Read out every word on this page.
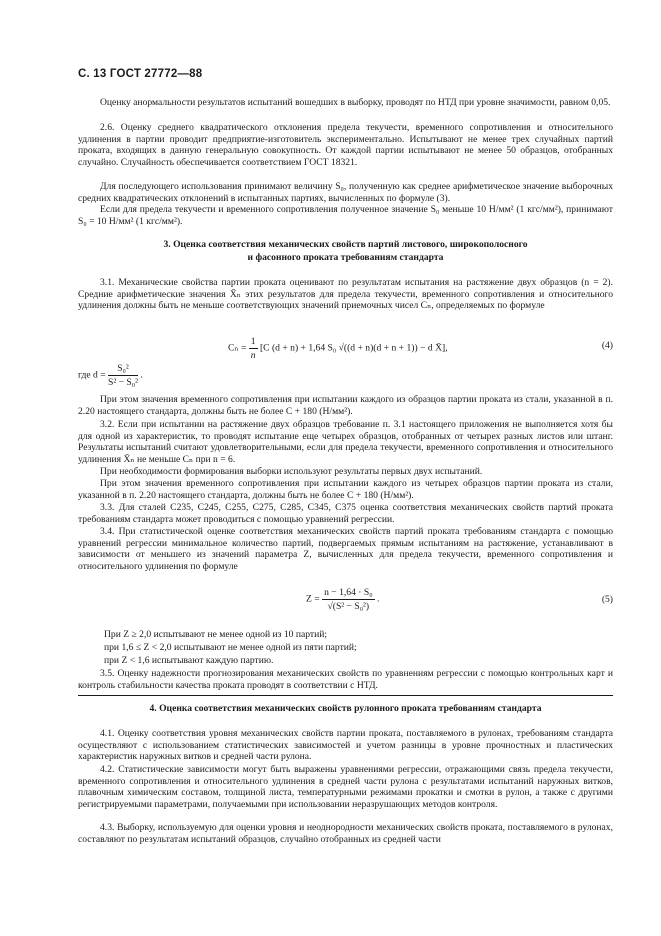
С. 13 ГОСТ 27772—88
Оценку анормальности результатов испытаний вошедших в выборку, проводят по НТД при уровне значимости, равном 0,05.
2.6. Оценку среднего квадратического отклонения предела текучести, временного сопротивления и относительного удлинения в партии проводит предприятие-изготовитель экспериментально. Испытывают не менее трех случайных партий проката, входящих в данную генеральную совокупность. От каждой партии испытывают не менее 50 образцов, отобранных случайно. Случайность обеспечивается соответствием ГОСТ 18321.
Для последующего использования принимают величину S₀, полученную как среднее арифметическое значение выборочных средних квадратических отклонений в испытанных партиях, вычисленных по формуле (3).
Если для предела текучести и временного сопротивления полученное значение S₀ меньше 10 Н/мм² (1 кгс/мм²), принимают S₀ = 10 Н/мм² (1 кгс/мм²).
3. Оценка соответствия механических свойств партий листового, широкополосного
и фасонного проката требованиям стандарта
3.1. Механические свойства партии проката оценивают по результатам испытания на растяжение двух образцов (n = 2). Средние арифметические значения X̄ₙ этих результатов для предела текучести, временного сопротивления и относительного удлинения должны быть не меньше соответствующих значений приемочных чисел Cₙ, определяемых по формуле
$C_n = \frac{1}{n} [C$ (d + n) + 1,64 S₀ √((d + n)(d + n + 1)) − d X̄],	(4)
где $d = \frac{\text{S₀²}}{\text{S² − S₀²}}$ .
При этом значения временного сопротивления при испытании каждого из образцов партии проката из стали, указанной в п. 2.20 настоящего стандарта, должны быть не более C + 180 (Н/мм²).
3.2. Если при испытании на растяжение двух образцов требование п. 3.1 настоящего приложения не выполняется хотя бы для одной из характеристик, то проводят испытание еще четырех образцов, отобранных от четырех разных листов или штанг. Результаты испытаний считают удовлетворительными, если для предела текучести, временного сопротивления и относительного удлинения X̄ₙ не меньше Cₙ при n = 6.
При необходимости формирования выборки используют результаты первых двух испытаний.
При этом значения временного сопротивления при испытании каждого из четырех образцов партии проката из стали, указанной в п. 2.20 настоящего стандарта, должны быть не более C + 180 (Н/мм²).
3.3. Для сталей С235, С245, С255, С275, С285, С345, С375 оценка соответствия механических свойств партий проката требованиям стандарта может проводиться с помощью уравнений регрессии.
3.4. При статистической оценке соответствия механических свойств партий проката требованиям стандарта с помощью уравнений регрессии минимальное количество партий, подвергаемых прямым испытаниям на растяжение, устанавливают в зависимости от меньшего из значений параметра Z, вычисленных для предела текучести, временного сопротивления и относительного удлинения по формуле
$Z = \frac{\text{n − 1,64 · S₀}}{\text{√(S² − S₀²)}}$ .	(5)
При Z ≥ 2,0 испытывают не менее одной из 10 партий;
при 1,6 ≤ Z < 2,0 испытывают не менее одной из пяти партий;
при Z < 1,6 испытывают каждую партию.
3.5. Оценку надежности прогнозирования механических свойств по уравнениям регрессии с помощью контрольных карт и контроль стабильности качества проката проводят в соответствии с НТД.
4. Оценка соответствия механических свойств рулонного проката требованиям стандарта
4.1. Оценку соответствия уровня механических свойств партии проката, поставляемого в рулонах, требованиям стандарта осуществляют с использованием статистических зависимостей и учетом разницы в уровне прочностных и пластических характеристик наружных витков и средней части рулона.
4.2. Статистические зависимости могут быть выражены уравнениями регрессии, отражающими связь предела текучести, временного сопротивления и относительного удлинения в средней части рулона с результатами испытаний наружных витков, плавочным химическим составом, толщиной листа, температурными режимами прокатки и смотки в рулон, а также с другими регистрируемыми параметрами, получаемыми при использовании неразрушающих методов контроля.
4.3. Выборку, используемую для оценки уровня и неоднородности механических свойств проката, поставляемого в рулонах, составляют по результатам испытаний образцов, случайно отобранных из средней части
